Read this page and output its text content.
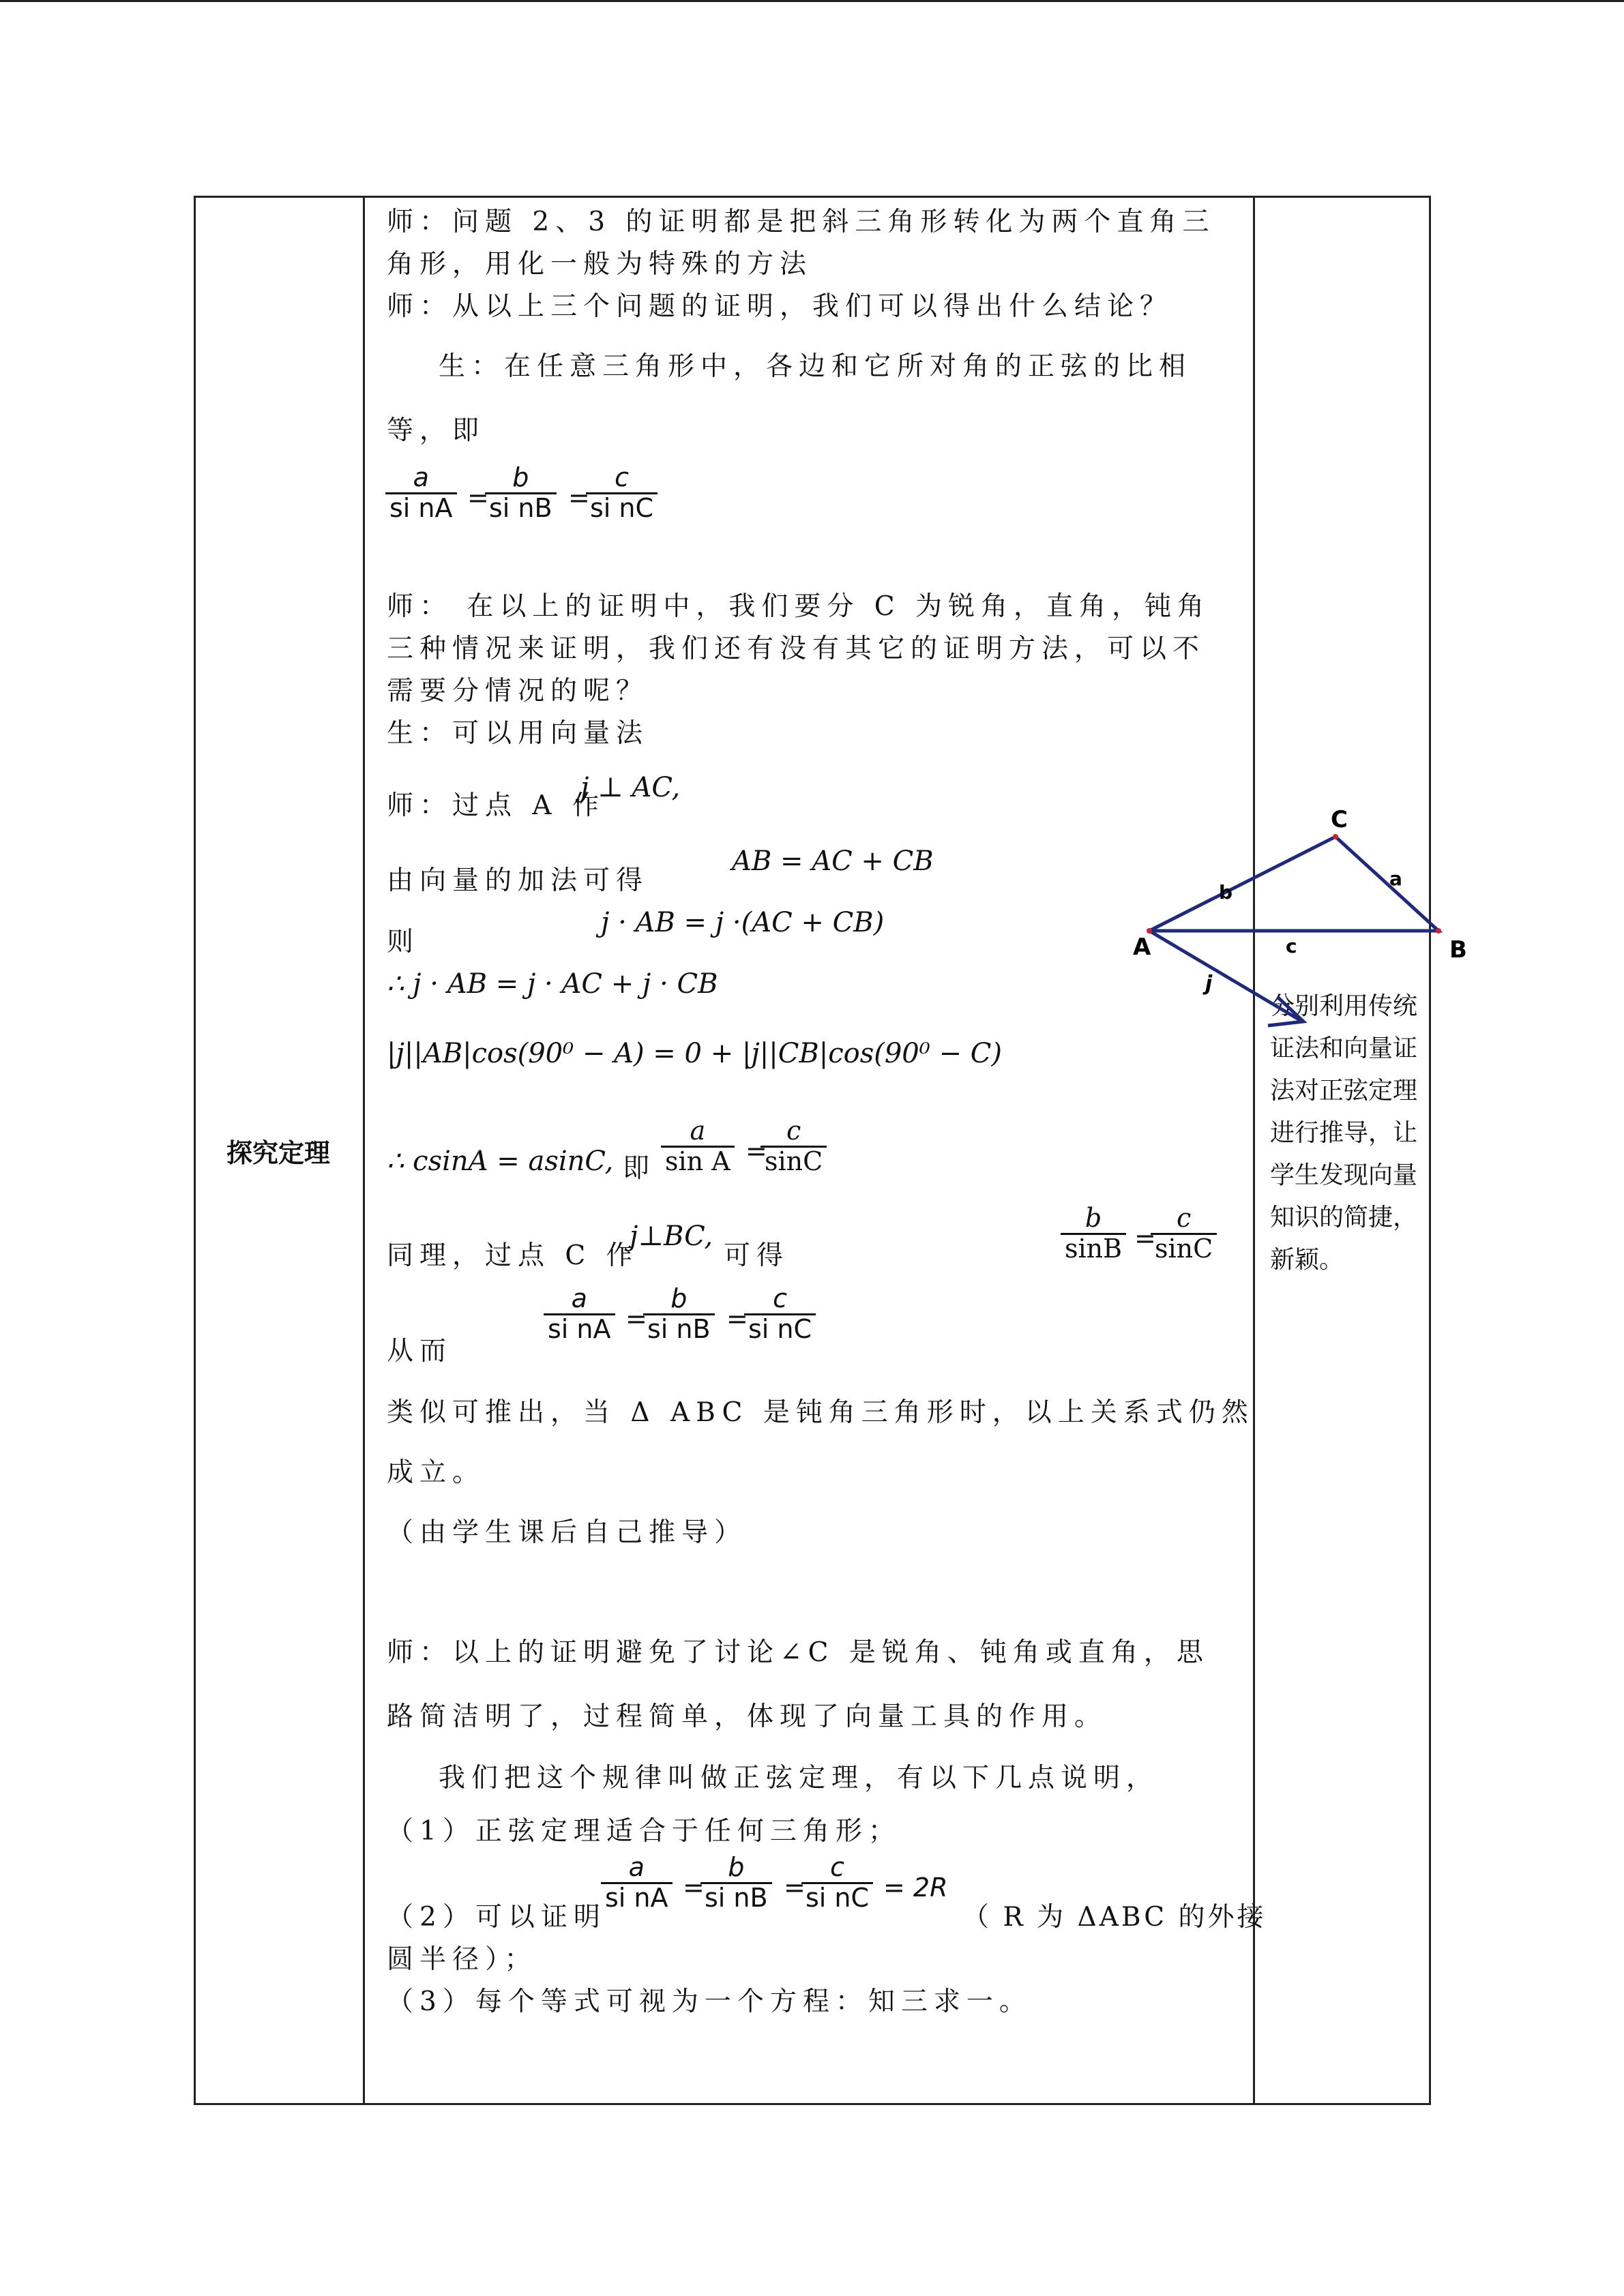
探究定理
分别利用传统证法和向量证法对正弦定理进行推导，让学生发现向量知识的简捷，新颖。
师：问题 2、3 的证明都是把斜三角形转化为两个直角三
角形，用化一般为特殊的方法
师：从以上三个问题的证明，我们可以得出什么结论？
生：在任意三角形中，各边和它所对角的正弦的比相
等，即
$\frac{a}{\text{si nA}}$ =
$\frac{b}{\text{si nB}}$ =
$\frac{c}{\text{si nC}}$
师： 在以上的证明中，我们要分 C 为锐角，直角，钝角
三种情况来证明，我们还有没有其它的证明方法，可以不
需要分情况的呢？
生：可以用向量法
师：过点 A 作
j ⊥ AC,
由向量的加法可得
AB = AC + CB
则
j · AB = j ·(AC + CB)
∴ j · AB = j · AC + j · CB
|j||AB|cos(90⁰ − A) = 0 + |j||CB|cos(90⁰ − C)
∴ csinA = asinC, 即 $\frac{a}{\text{sin A}}$ =
$\frac{c}{\sin C}$
同理，过点 C 作
j⊥BC,
可得	$\frac{b}{\sin B}$ =
$\frac{c}{\sin C}$
从而
$\frac{a}{\text{si nA}}$ =
$\frac{b}{\text{si nB}}$ =
$\frac{c}{\text{si nC}}$
类似可推出，当 Δ ABC 是钝角三角形时，以上关系式仍然
成立。
（由学生课后自己推导）
师：以上的证明避免了讨论∠C 是锐角、钝角或直角，思
路简洁明了，过程简单，体现了向量工具的作用。
我们把这个规律叫做正弦定理，有以下几点说明，
（1）正弦定理适合于任何三角形；
（2）可以证明
$\frac{a}{\text{si nA}}$ =
$\frac{b}{\text{si nB}}$ =
$\frac{c}{\text{si nC}} = 2R$
（ R 为 ΔABC 的外接
圆半径）；
（3）每个等式可视为一个方程：知三求一。
C
A	B
a
b
c
j
